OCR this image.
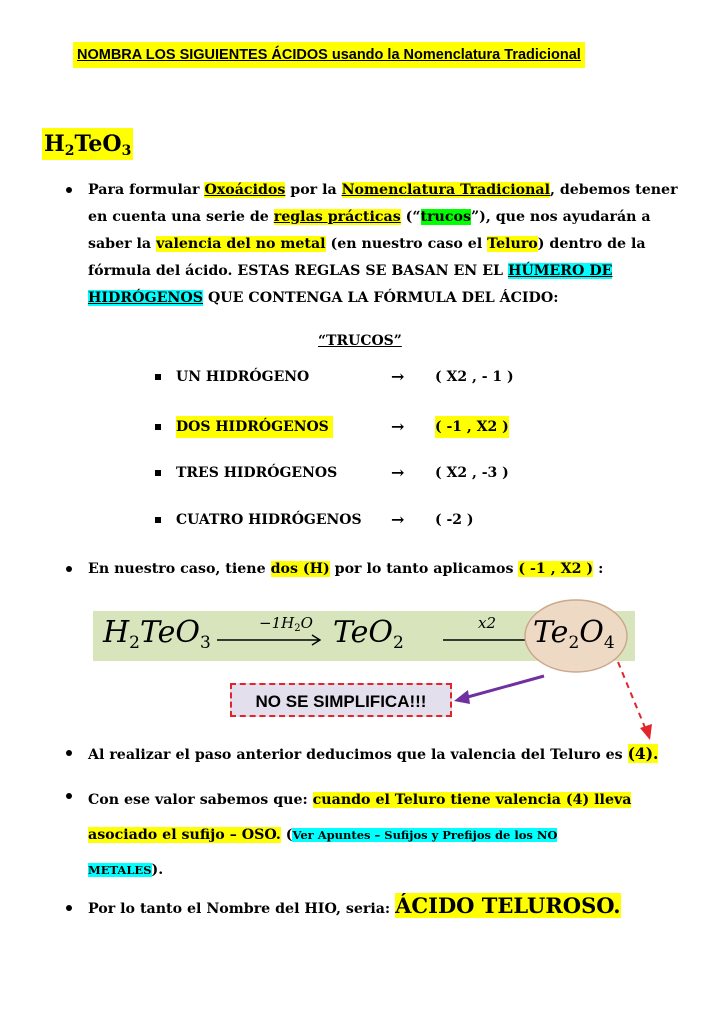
NOMBRA LOS SIGUIENTES ÁCIDOS usando la Nomenclatura Tradicional
$H_2TeO_3$
Para formular Oxoácidos por la Nomenclatura Tradicional, debemos tener
en cuenta una serie de reglas prácticas (“trucos”), que nos ayudarán a
saber la valencia del no metal (en nuestro caso el Teluro) dentro de la
fórmula del ácido. ESTAS REGLAS SE BASAN EN EL HÚMERO DE
HIDRÓGENOS QUE CONTENGA LA FÓRMULA DEL ÁCIDO:
“TRUCOS”
UN HIDRÓGENO	→ ( X2 , - 1 )
DOS HIDRÓGENOS	→ ( -1 , X2 )
TRES HIDRÓGENOS	→ ( X2 , -3 )
CUATRO HIDRÓGENOS → ( -2 )
En nuestro caso, tiene dos (H) por lo tanto aplicamos ( -1 , X2 ) :
$H_2TeO_3$
$-1H_2O$ TeO$_2$
x2 $Te_2O_4$
NO SE SIMPLIFICA!!!
Al realizar el paso anterior deducimos que la valencia del Teluro es (4).
Con ese valor sabemos que: cuando el Teluro tiene valencia (4) lleva
asociado el sufijo – OSO. (Ver Apuntes – Sufijos y Prefijos de los NO
METALES).
Por lo tanto el Nombre del HIO, seria: ÁCIDO TELUROSO.
